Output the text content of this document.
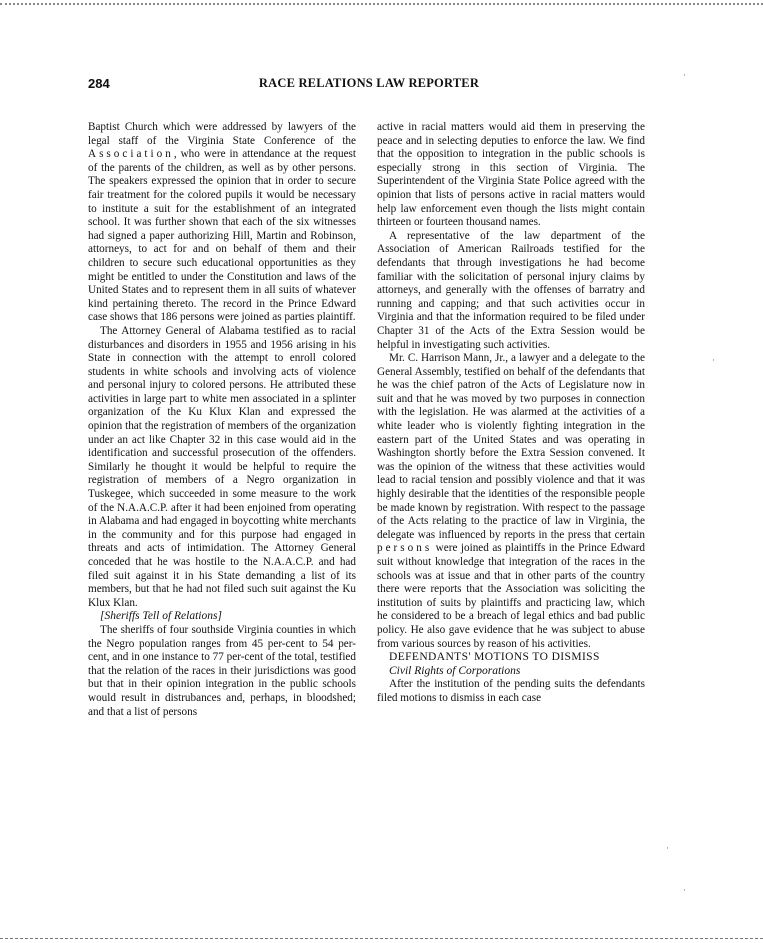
284	RACE RELATIONS LAW REPORTER

Baptist Church which were addressed by lawyers of the legal staff of the Virginia State Conference of the Association, who were in attendance at the request of the parents of the children, as well as by other persons. The speakers expressed the opinion that in order to secure fair treatment for the colored pupils it would be necessary to institute a suit for the establishment of an integrated school. It was further shown that each of the six witnesses had signed a paper authorizing Hill, Martin and Robinson, attorneys, to act for and on behalf of them and their children to secure such educational opportunities as they might be entitled to under the Constitution and laws of the United States and to represent them in all suits of whatever kind pertaining thereto. The record in the Prince Edward case shows that 186 persons were joined as parties plaintiff.

The Attorney General of Alabama testified as to racial disturbances and disorders in 1955 and 1956 arising in his State in connection with the attempt to enroll colored students in white schools and involving acts of violence and personal injury to colored persons. He attributed these activities in large part to white men associated in a splinter organization of the Ku Klux Klan and expressed the opinion that the registration of members of the organization under an act like Chapter 32 in this case would aid in the identification and successful prosecution of the offenders. Similarly he thought it would be helpful to require the registration of members of a Negro organization in Tuskegee, which succeeded in some measure to the work of the N.A.A.C.P. after it had been enjoined from operating in Alabama and had engaged in boycotting white merchants in the community and for this purpose had engaged in threats and acts of intimidation. The Attorney General conceded that he was hostile to the N.A.A.C.P. and had filed suit against it in his State demanding a list of its members, but that he had not filed such suit against the Ku Klux Klan.

[Sheriffs Tell of Relations]

The sheriffs of four southside Virginia counties in which the Negro population ranges from 45 per-cent to 54 per-cent, and in one instance to 77 per-cent of the total, testified that the relation of the races in their jurisdictions was good but that in their opinion integration in the public schools would result in distrubances and, perhaps, in bloodshed; and that a list of persons

active in racial matters would aid them in preserving the peace and in selecting deputies to enforce the law. We find that the opposition to integration in the public schools is especially strong in this section of Virginia. The Superintendent of the Virginia State Police agreed with the opinion that lists of persons active in racial matters would help law enforcement even though the lists might contain thirteen or fourteen thousand names.

A representative of the law department of the Association of American Railroads testified for the defendants that through investigations he had become familiar with the solicitation of personal injury claims by attorneys, and generally with the offenses of barratry and running and capping; and that such activities occur in Virginia and that the information required to be filed under Chapter 31 of the Acts of the Extra Session would be helpful in investigating such activities.

Mr. C. Harrison Mann, Jr., a lawyer and a delegate to the General Assembly, testified on behalf of the defendants that he was the chief patron of the Acts of Legislature now in suit and that he was moved by two purposes in connection with the legislation. He was alarmed at the activities of a white leader who is violently fighting integration in the eastern part of the United States and was operating in Washington shortly before the Extra Session convened. It was the opinion of the witness that these activities would lead to racial tension and possibly violence and that it was highly desirable that the identities of the responsible people be made known by registration. With respect to the passage of the Acts relating to the practice of law in Virginia, the delegate was influenced by reports in the press that certain persons were joined as plaintiffs in the Prince Edward suit without knowledge that integration of the races in the schools was at issue and that in other parts of the country there were reports that the Association was soliciting the institution of suits by plaintiffs and practicing law, which he considered to be a breach of legal ethics and bad public policy. He also gave evidence that he was subject to abuse from various sources by reason of his activities.

DEFENDANTS' MOTIONS TO DISMISS

Civil Rights of Corporations

After the institution of the pending suits the defendants filed motions to dismiss in each case

·
·
·
·
